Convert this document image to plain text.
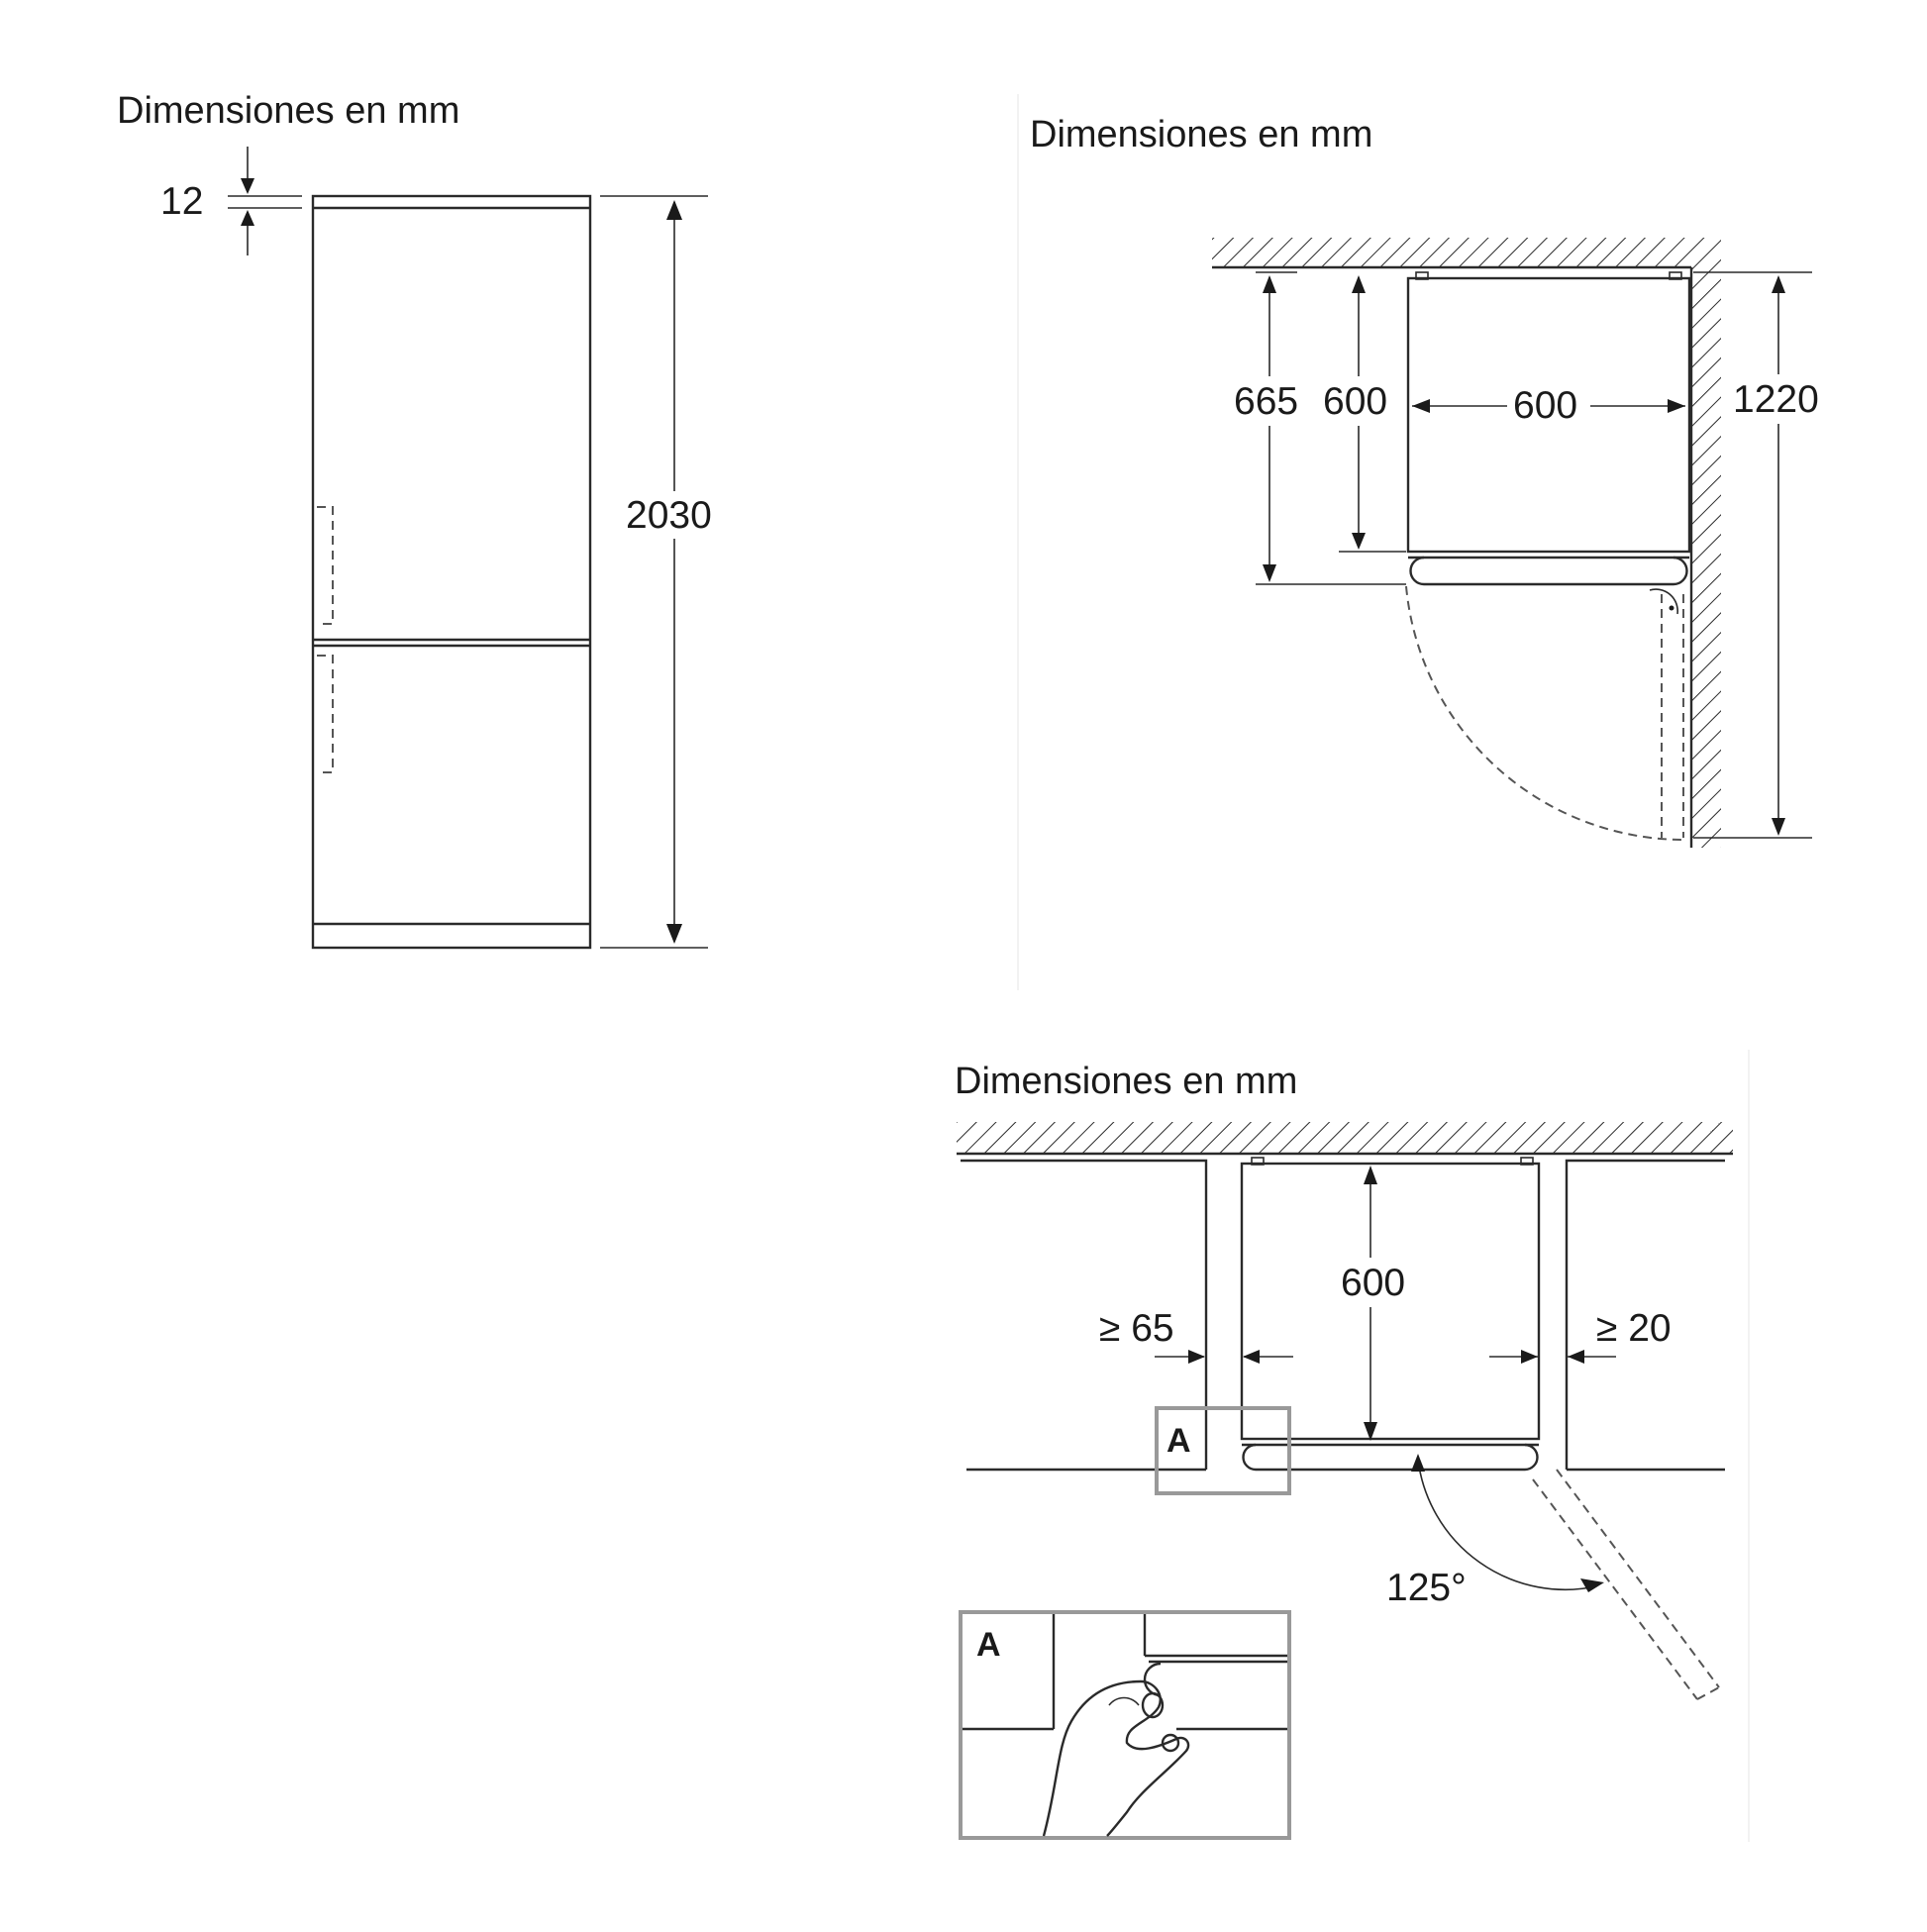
Dimensiones en mm
12
2030
Dimensiones en mm
665 600	600	1220
Dimensiones en mm
600
≥ 65	≥ 20
125°
A
A
